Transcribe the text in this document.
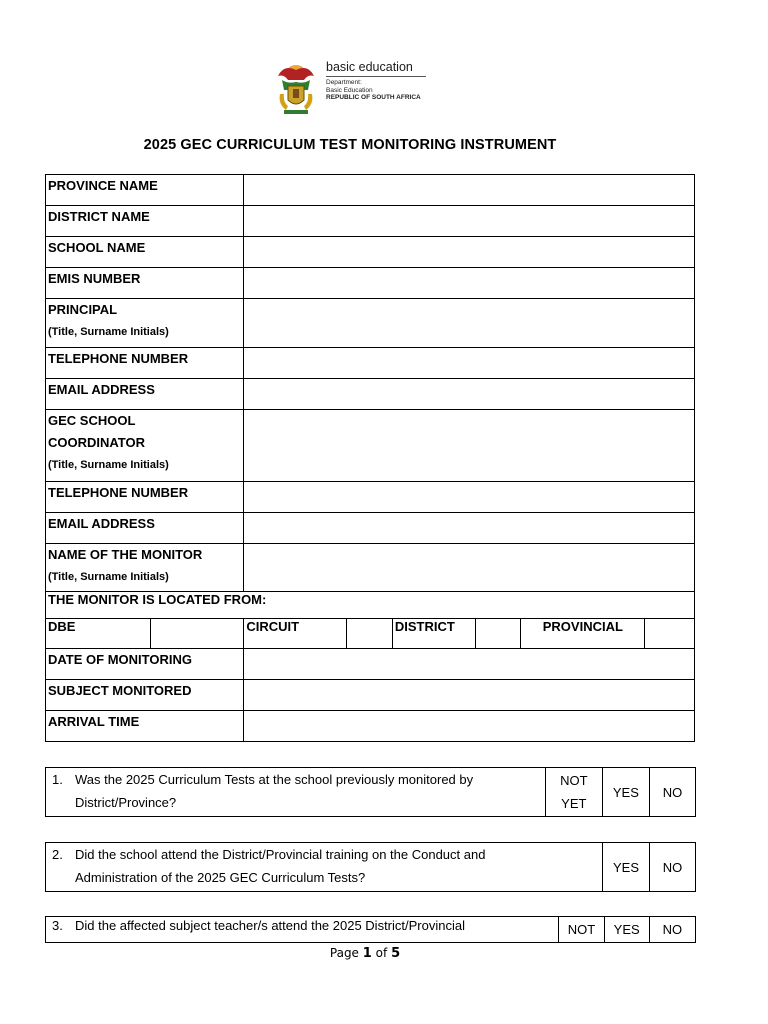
basic education
Department:
Basic Education
REPUBLIC OF SOUTH AFRICA
2025 GEC CURRICULUM TEST MONITORING INSTRUMENT
PROVINCE NAME							
DISTRICT NAME							
SCHOOL NAME							
EMIS NUMBER							
PRINCIPAL
(Title, Surname Initials)							

TELEPHONE NUMBER							
EMAIL ADDRESS							

GEC SCHOOL
COORDINATOR
(Title, Surname Initials)							

TELEPHONE NUMBER							
EMAIL ADDRESS							
NAME OF THE MONITOR
(Title, Surname Initials)							

THE MONITOR IS LOCATED FROM:							
DBE		CIRCUIT		DISTRICT		PROVINCIAL	
DATE OF MONITORING							
SUBJECT MONITORED							
ARRIVAL TIME							
1. Was the 2025 Curriculum Tests at the school previously monitored by
District/Province?	
NOT
YET
	YES	NO
2. Did the school attend the District/Provincial training on the Conduct and
Administration of the 2025 GEC Curriculum Tests?	YES	NO
3. Did the affected subject teacher/s attend the 2025 District/Provincial	NOT	YES	NO
Page 1 of 5
